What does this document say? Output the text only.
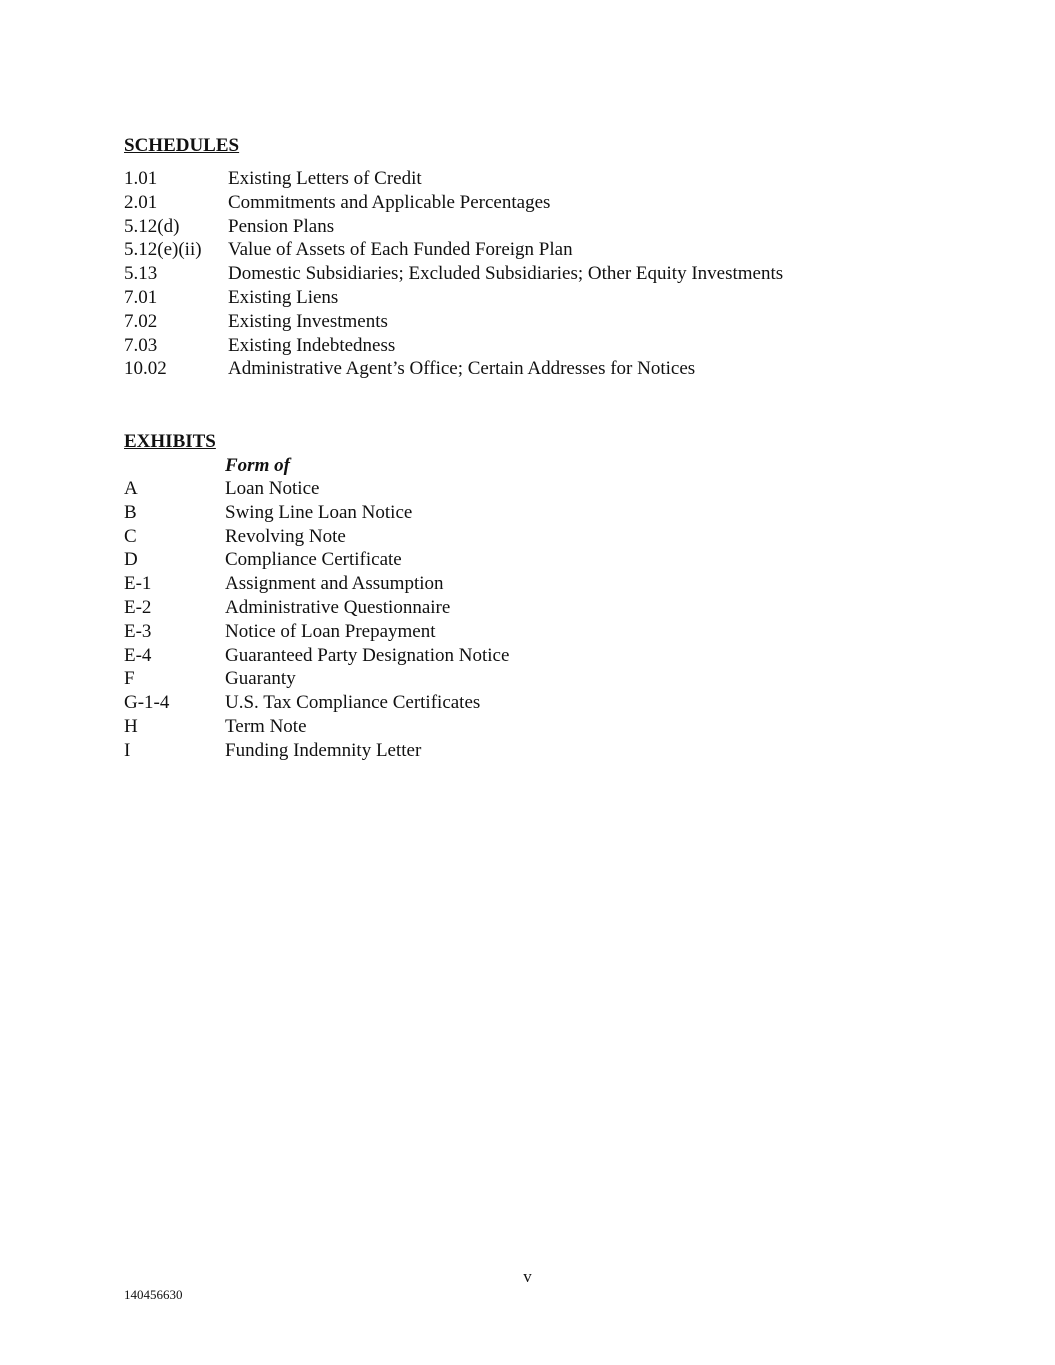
SCHEDULES
1.01	Existing Letters of Credit
2.01	Commitments and Applicable Percentages
5.12(d)	Pension Plans
5.12(e)(ii) Value of Assets of Each Funded Foreign Plan
5.13	Domestic Subsidiaries; Excluded Subsidiaries; Other Equity Investments
7.01	Existing Liens
7.02	Existing Investments
7.03	Existing Indebtedness
10.02	Administrative Agent’s Office; Certain Addresses for Notices
EXHIBITS
Form of
A	Loan Notice
B	Swing Line Loan Notice
C	Revolving Note
D	Compliance Certificate
E-1	Assignment and Assumption
E-2	Administrative Questionnaire
E-3	Notice of Loan Prepayment
E-4	Guaranteed Party Designation Notice
F	Guaranty
G-1-4	U.S. Tax Compliance Certificates
H	Term Note
I	Funding Indemnity Letter
v
140456630
